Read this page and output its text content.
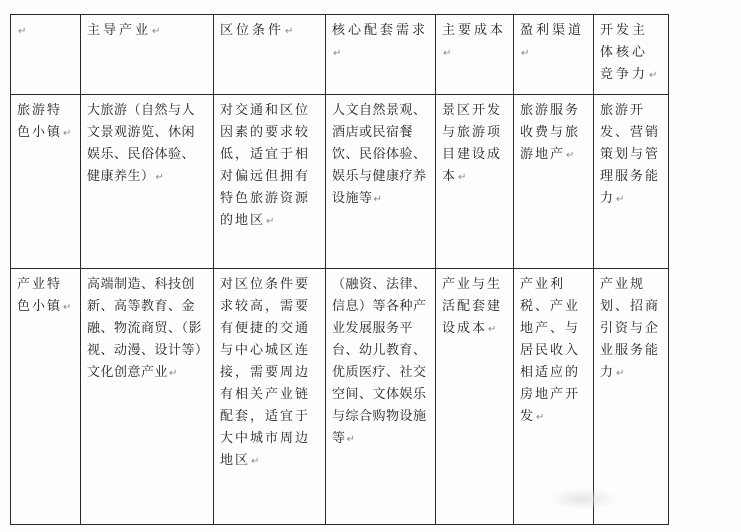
↵	主导产业↵	区位条件↵	核心配套需求↵	主要成本↵	盈利渠道↵	开发主体核心竞争力↵
旅游特色小镇↵	大旅游（自然与人文景观游览、休闲娱乐、民俗体验、健康养生）↵	对交通和区位因素的要求较低，适宜于相对偏远但拥有特色旅游资源的地区↵	人文自然景观、酒店或民宿餐饮、民俗体验、娱乐与健康疗养设施等↵	景区开发与旅游项目建设成本↵	旅游服务收费与旅游地产↵	旅游开发、营销策划与管理服务能力↵
产业特色小镇↵	高端制造、科技创新、高等教育、金融、物流商贸、（影视、动漫、设计等）文化创意产业↵	对区位条件要求较高，需要有便捷的交通与中心城区连接，需要周边有相关产业链配套，适宜于大中城市周边地区↵	（融资、法律、信息）等各种产业发展服务平台、幼儿教育、优质医疗、社交空间、文体娱乐与综合购物设施等↵	产业与生活配套建设成本↵	产业利税、产业地产、与居民收入相适应的房地产开发↵	产业规划、招商引资与企业服务能力↵
